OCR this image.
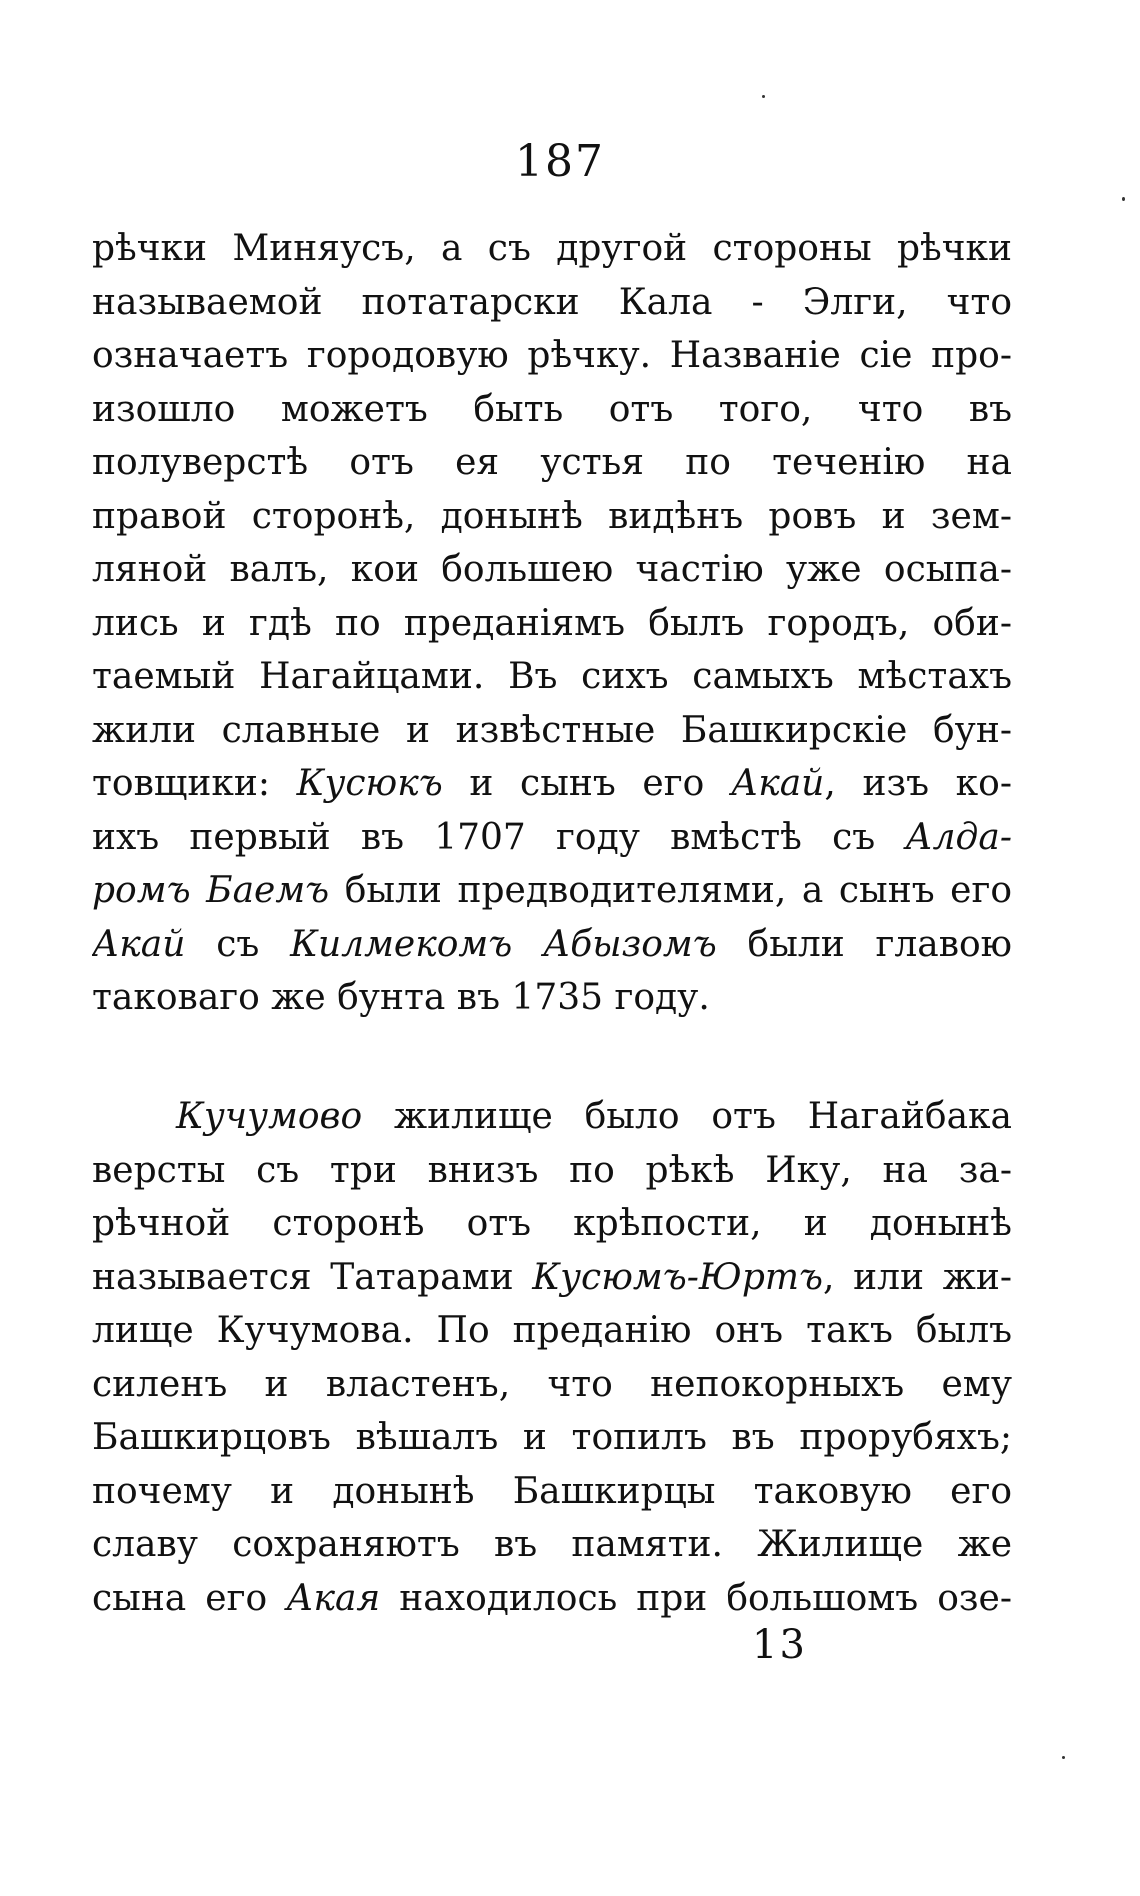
187
рѣчки Миняусъ, а съ другой стороны рѣчки
называемой потатарски Кала - Элги, что
означаетъ городовую рѣчку. Названіе сіе про-
изошло можетъ быть отъ того, что въ
полуверстѣ отъ ея устья по теченію на
правой сторонѣ, донынѣ видѣнъ ровъ и зем-
ляной валъ, кои большею частію уже осыпа-
лись и гдѣ по преданіямъ былъ городъ, оби-
таемый Нагайцами. Въ сихъ самыхъ мѣстахъ
жили славные и извѣстные Башкирскіе бун-
товщики: Кусюкъ и сынъ его Акай, изъ ко-
ихъ первый въ 1707 году вмѣстѣ съ Алда-
ромъ Баемъ были предводителями, а сынъ его
Акай съ Килмекомъ Абызомъ были главою
таковаго же бунта въ 1735 году.
Кучумово жилище было отъ Нагайбака
версты съ три внизъ по рѣкѣ Ику, на за-
рѣчной сторонѣ отъ крѣпости, и донынѣ
называется Татарами Кусюмъ-Юртъ, или жи-
лище Кучумова. По преданію онъ такъ былъ
силенъ и властенъ, что непокорныхъ ему
Башкирцовъ вѣшалъ и топилъ въ прорубяхъ;
почему и донынѣ Башкирцы таковую его
славу сохраняютъ въ памяти. Жилище же
сына его Акая находилось при большомъ озе-
13
